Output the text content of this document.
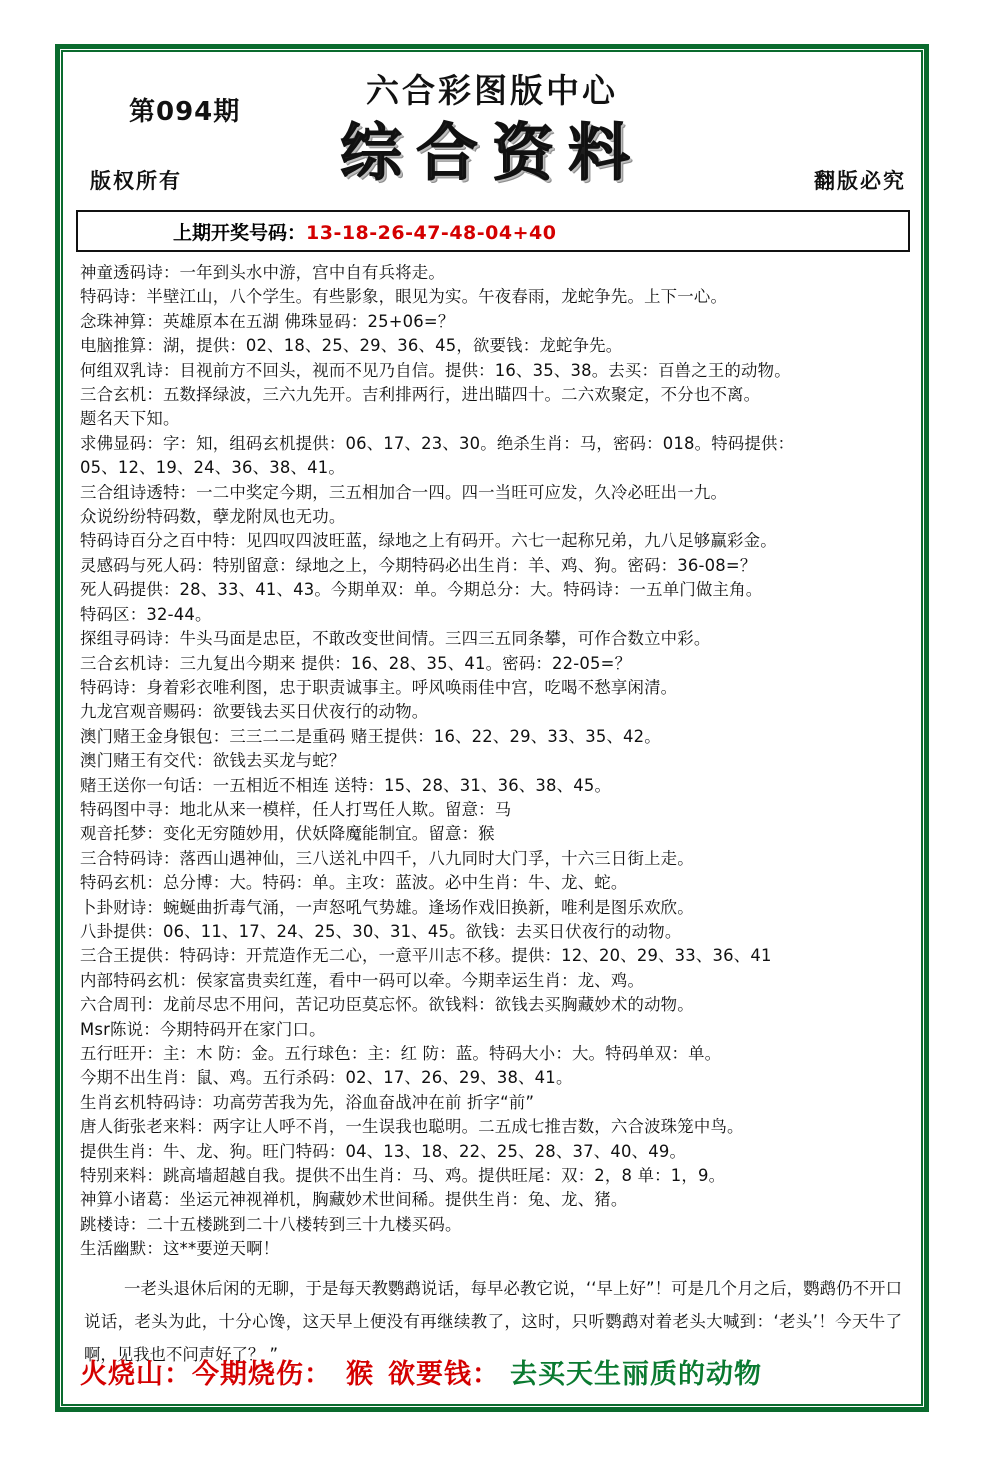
第094期
六合彩图版中心
综合资料
版权所有	翻版必究
上期开奖号码：13-18-26-47-48-04+40
神童透码诗：一年到头水中游，宫中自有兵将走。
特码诗：半壁江山，八个学生。有些影象，眼见为实。午夜春雨，龙蛇争先。上下一心。
念珠神算：英雄原本在五湖 佛珠显码：25+06=？
电脑推算：湖，提供：02、18、25、29、36、45，欲要钱：龙蛇争先。
何组双乳诗：目视前方不回头，视而不见乃自信。提供：16、35、38。去买：百兽之王的动物。
三合玄机：五数择绿波，三六九先开。吉利排两行，进出瞄四十。二六欢聚定，不分也不离。
题名天下知。
求佛显码：字：知，组码玄机提供：06、17、23、30。绝杀生肖：马，密码：018。特码提供：
05、12、19、24、36、38、41。
三合组诗透特：一二中奖定今期，三五相加合一四。四一当旺可应发，久冷必旺出一九。
众说纷纷特码数，孽龙附凤也无功。
特码诗百分之百中特：见四叹四波旺蓝，绿地之上有码开。六七一起称兄弟，九八足够赢彩金。
灵感码与死人码：特别留意：绿地之上，今期特码必出生肖：羊、鸡、狗。密码：36-08=？
死人码提供：28、33、41、43。今期单双：单。今期总分：大。特码诗：一五单门做主角。
特码区：32-44。
探组寻码诗：牛头马面是忠臣，不敢改变世间情。三四三五同条攀，可作合数立中彩。
三合玄机诗：三九复出今期来 提供：16、28、35、41。密码：22-05=？
特码诗：身着彩衣唯利图，忠于职责诚事主。呼风唤雨佳中宫，吃喝不愁享闲清。
九龙宫观音赐码：欲要钱去买日伏夜行的动物。
澳门赌王金身银包：三三二二是重码 赌王提供：16、22、29、33、35、42。
澳门赌王有交代：欲钱去买龙与蛇？
赌王送你一句话：一五相近不相连 送特：15、28、31、36、38、45。
特码图中寻：地北从来一模样，任人打骂任人欺。留意：马
观音托梦：变化无穷随妙用，伏妖降魔能制宜。留意：猴
三合特码诗：落西山遇神仙，三八送礼中四千，八九同时大门孚，十六三日街上走。
特码玄机：总分博：大。特码：单。主攻：蓝波。必中生肖：牛、龙、蛇。
卜卦财诗：蜿蜒曲折毒气涌，一声怒吼气势雄。逢场作戏旧换新，唯利是图乐欢欣。
八卦提供：06、11、17、24、25、30、31、45。欲钱：去买日伏夜行的动物。
三合王提供：特码诗：开荒造作无二心，一意平川志不移。提供：12、20、29、33、36、41
内部特码玄机：侯家富贵卖红莲，看中一码可以牵。今期幸运生肖：龙、鸡。
六合周刊：龙前尽忠不用问，苦记功臣莫忘怀。欲钱料：欲钱去买胸藏妙术的动物。
Msr陈说：今期特码开在家门口。
五行旺开：主：木 防：金。五行球色：主：红 防：蓝。特码大小：大。特码单双：单。
今期不出生肖：鼠、鸡。五行杀码：02、17、26、29、38、41。
生肖玄机特码诗：功高劳苦我为先，浴血奋战冲在前 折字“前”
唐人街张老来料：两字让人呼不肖，一生误我也聪明。二五成七推吉数，六合波珠笼中鸟。
提供生肖：牛、龙、狗。旺门特码：04、13、18、22、25、28、37、40、49。
特别来料：跳高墙超越自我。提供不出生肖：马、鸡。提供旺尾：双：2，8 单：1，9。
神算小诸葛：坐运元神视禅机，胸藏妙术世间稀。提供生肖：兔、龙、猪。
跳楼诗：二十五楼跳到二十八楼转到三十九楼买码。
生活幽默：这**要逆天啊！
一老头退休后闲的无聊，于是每天教鹦鹉说话，每早必教它说，‘‘早上好”！可是几个月之后，鹦鹉仍不开口说话，老头为此，十分心馋，这天早上便没有再继续教了，这时，只听鹦鹉对着老头大喊到：‘老头’！今天牛了啊，见我也不问声好了？ ”
火烧山： 今期烧伤： 猴 欲要钱： 去买天生丽质的动物
